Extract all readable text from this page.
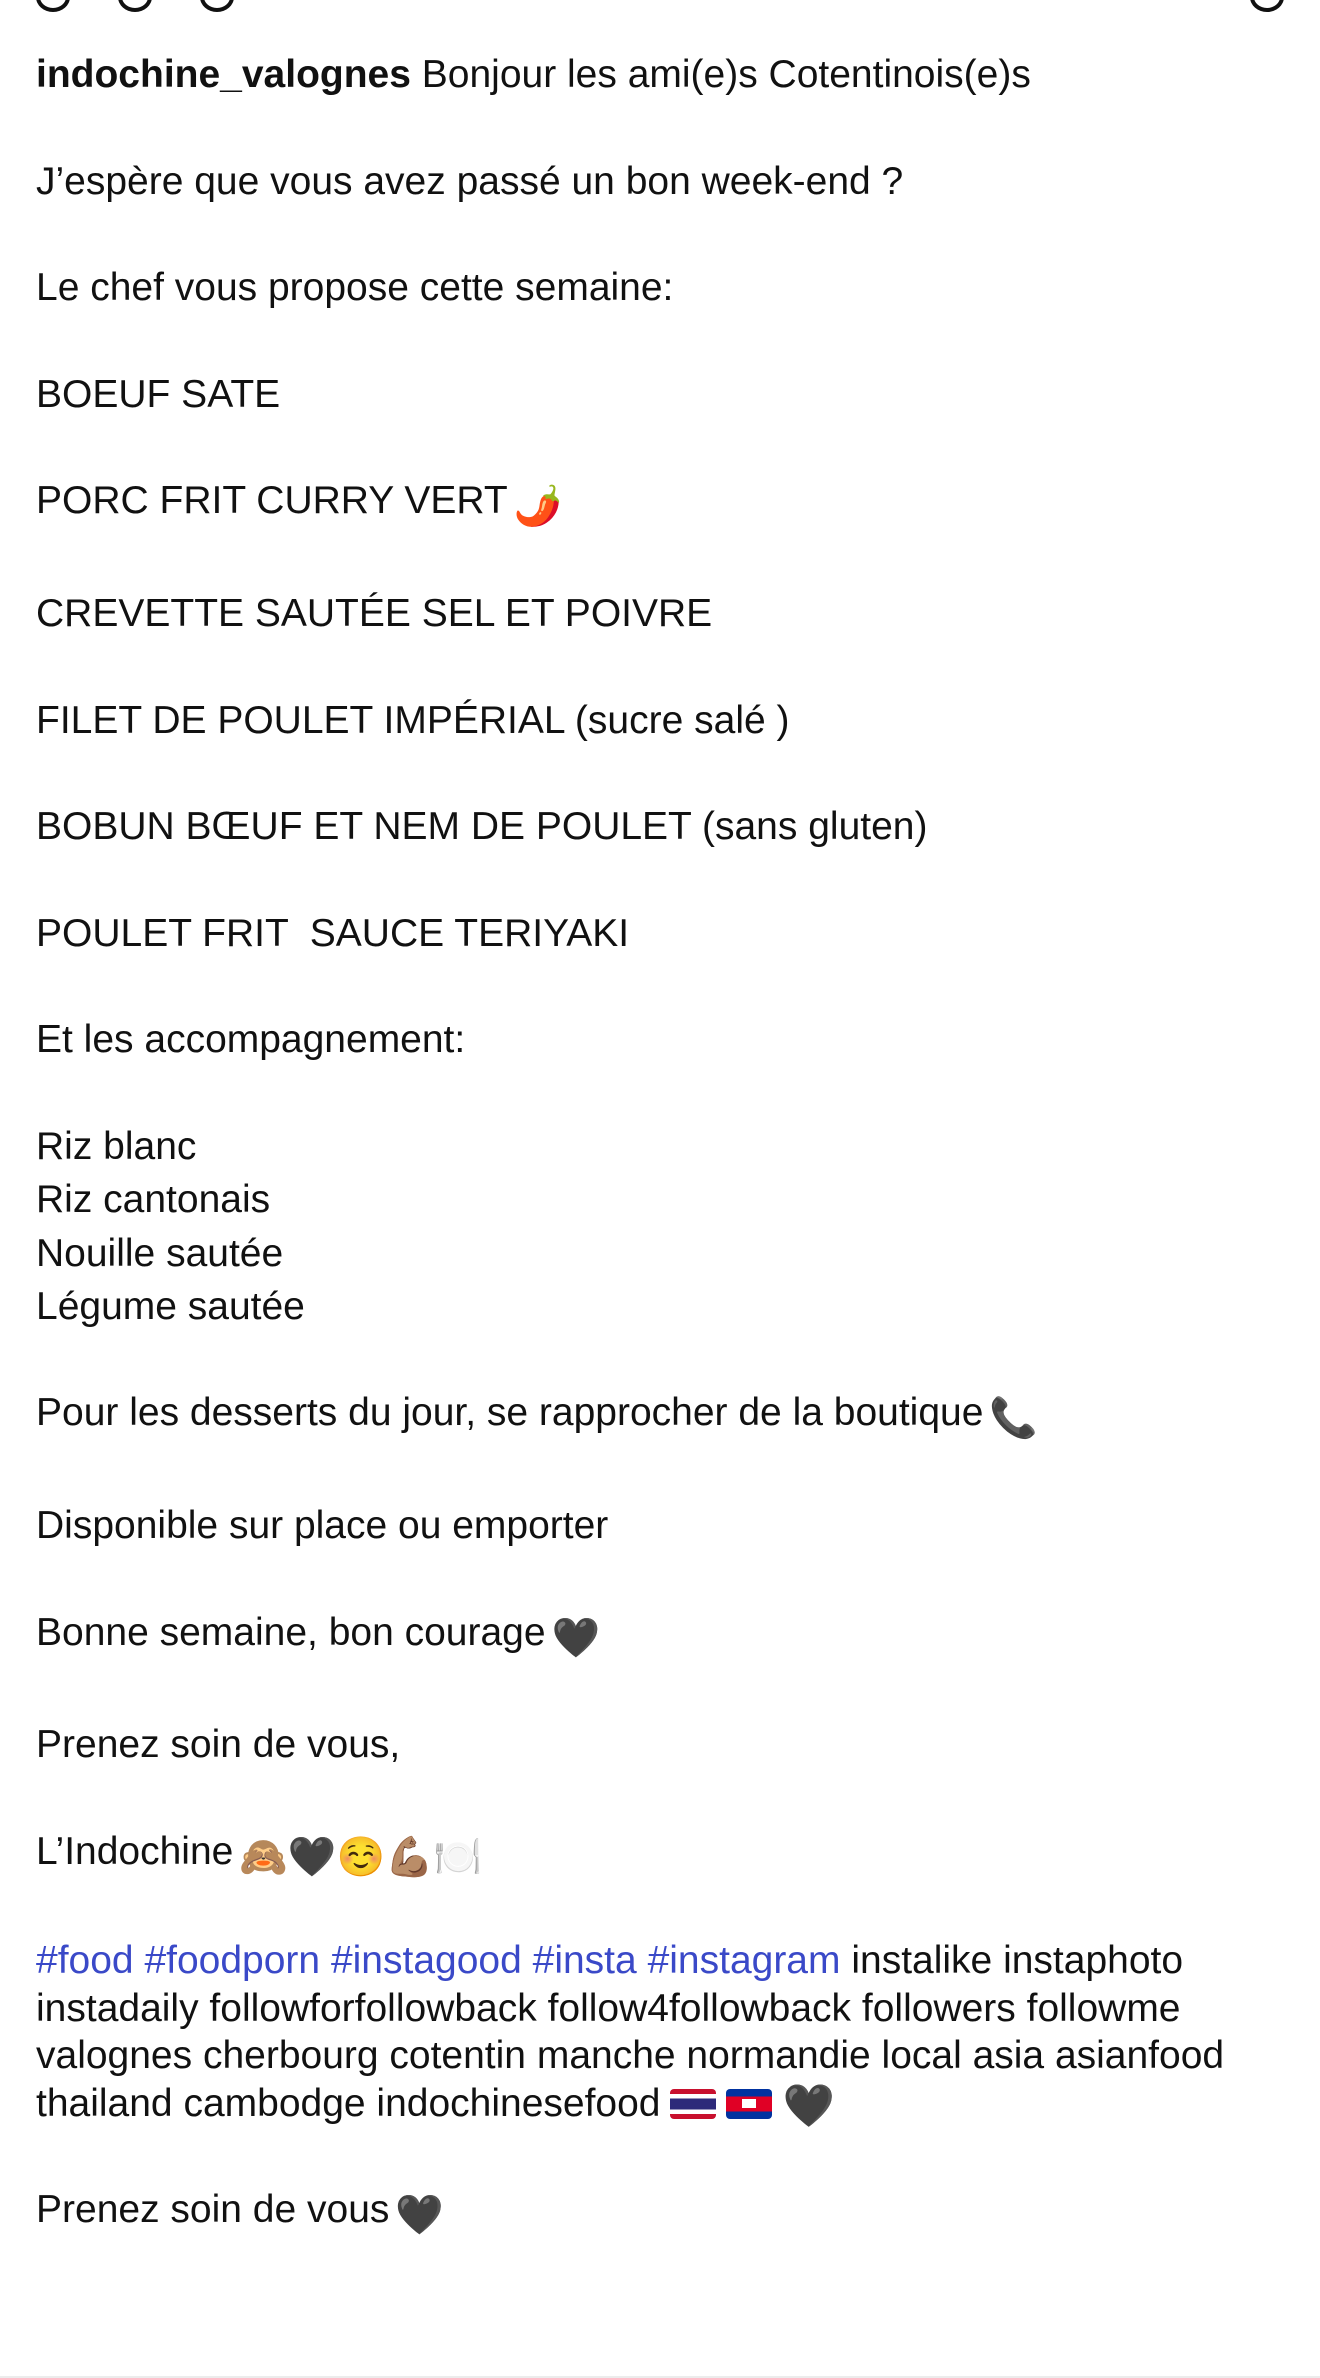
indochine_valognes Bonjour les ami(e)s Cotentinois(e)s
J’espère que vous avez passé un bon week-end ?
Le chef vous propose cette semaine:
BOEUF SATE
PORC FRIT CURRY VERT 🌶️
CREVETTE SAUTÉE SEL ET POIVRE
FILET DE POULET IMPÉRIAL (sucre salé )
BOBUN BŒUF ET NEM DE POULET (sans gluten)
POULET FRIT  SAUCE TERIYAKI
Et les accompagnement:
Riz blanc
Riz cantonais
Nouille sautée
Légume sautée
Pour les desserts du jour, se rapprocher de la boutique 📞
Disponible sur place ou emporter
Bonne semaine, bon courage 🖤
Prenez soin de vous,
L’Indochine 🙈🖤☺️💪🏽🍽️
#food #foodporn #instagood #insta #instagram instalike instaphoto instadaily followforfollowback follow4followback followers followme valognes cherbourg cotentin manche normandie local asia asianfood thailand cambodge indochinesefood	🖤
Prenez soin de vous 🖤
